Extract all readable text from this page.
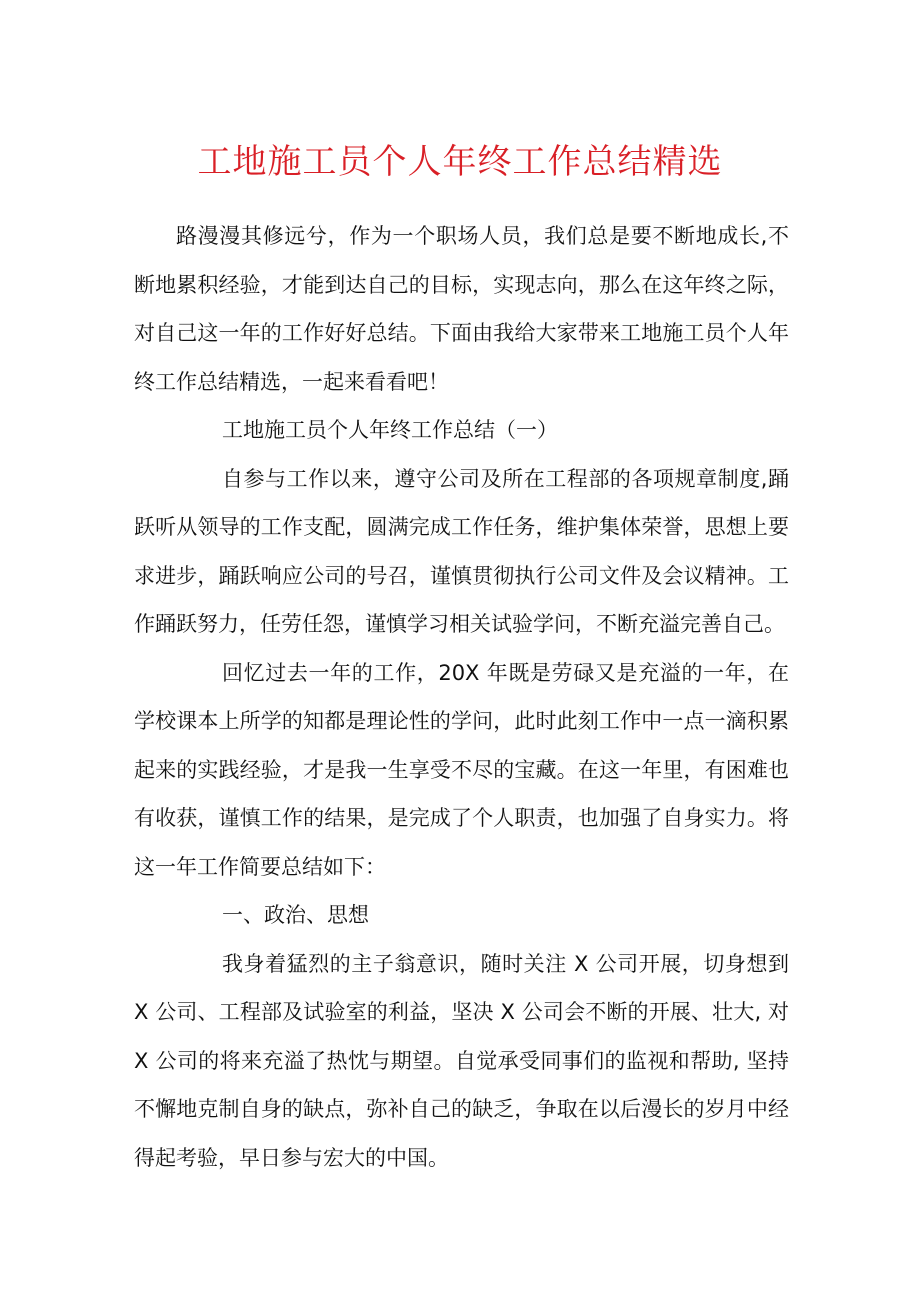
工地施工员个人年终工作总结精选

路漫漫其修远兮，作为一个职场人员，我们总是要不断地成长,不断地累积经验，才能到达自己的目标，实现志向，那么在这年终之际，对自己这一年的工作好好总结。下面由我给大家带来工地施工员个人年终工作总结精选，一起来看看吧！

工地施工员个人年终工作总结（一）

自参与工作以来，遵守公司及所在工程部的各项规章制度,踊跃听从领导的工作支配，圆满完成工作任务，维护集体荣誉，思想上要求进步，踊跃响应公司的号召，谨慎贯彻执行公司文件及会议精神。工作踊跃努力，任劳任怨，谨慎学习相关试验学问，不断充溢完善自己。

回忆过去一年的工作，20X 年既是劳碌又是充溢的一年，在学校课本上所学的知都是理论性的学问，此时此刻工作中一点一滴积累起来的实践经验，才是我一生享受不尽的宝藏。在这一年里，有困难也有收获，谨慎工作的结果，是完成了个人职责，也加强了自身实力。将这一年工作简要总结如下：

一、政治、思想

我身着猛烈的主子翁意识，随时关注 X 公司开展，切身想到 X 公司、工程部及试验室的利益，坚决 X 公司会不断的开展、壮大, 对 X 公司的将来充溢了热忱与期望。自觉承受同事们的监视和帮助, 坚持不懈地克制自身的缺点，弥补自己的缺乏，争取在以后漫长的岁月中经得起考验，早日参与宏大的中国。
